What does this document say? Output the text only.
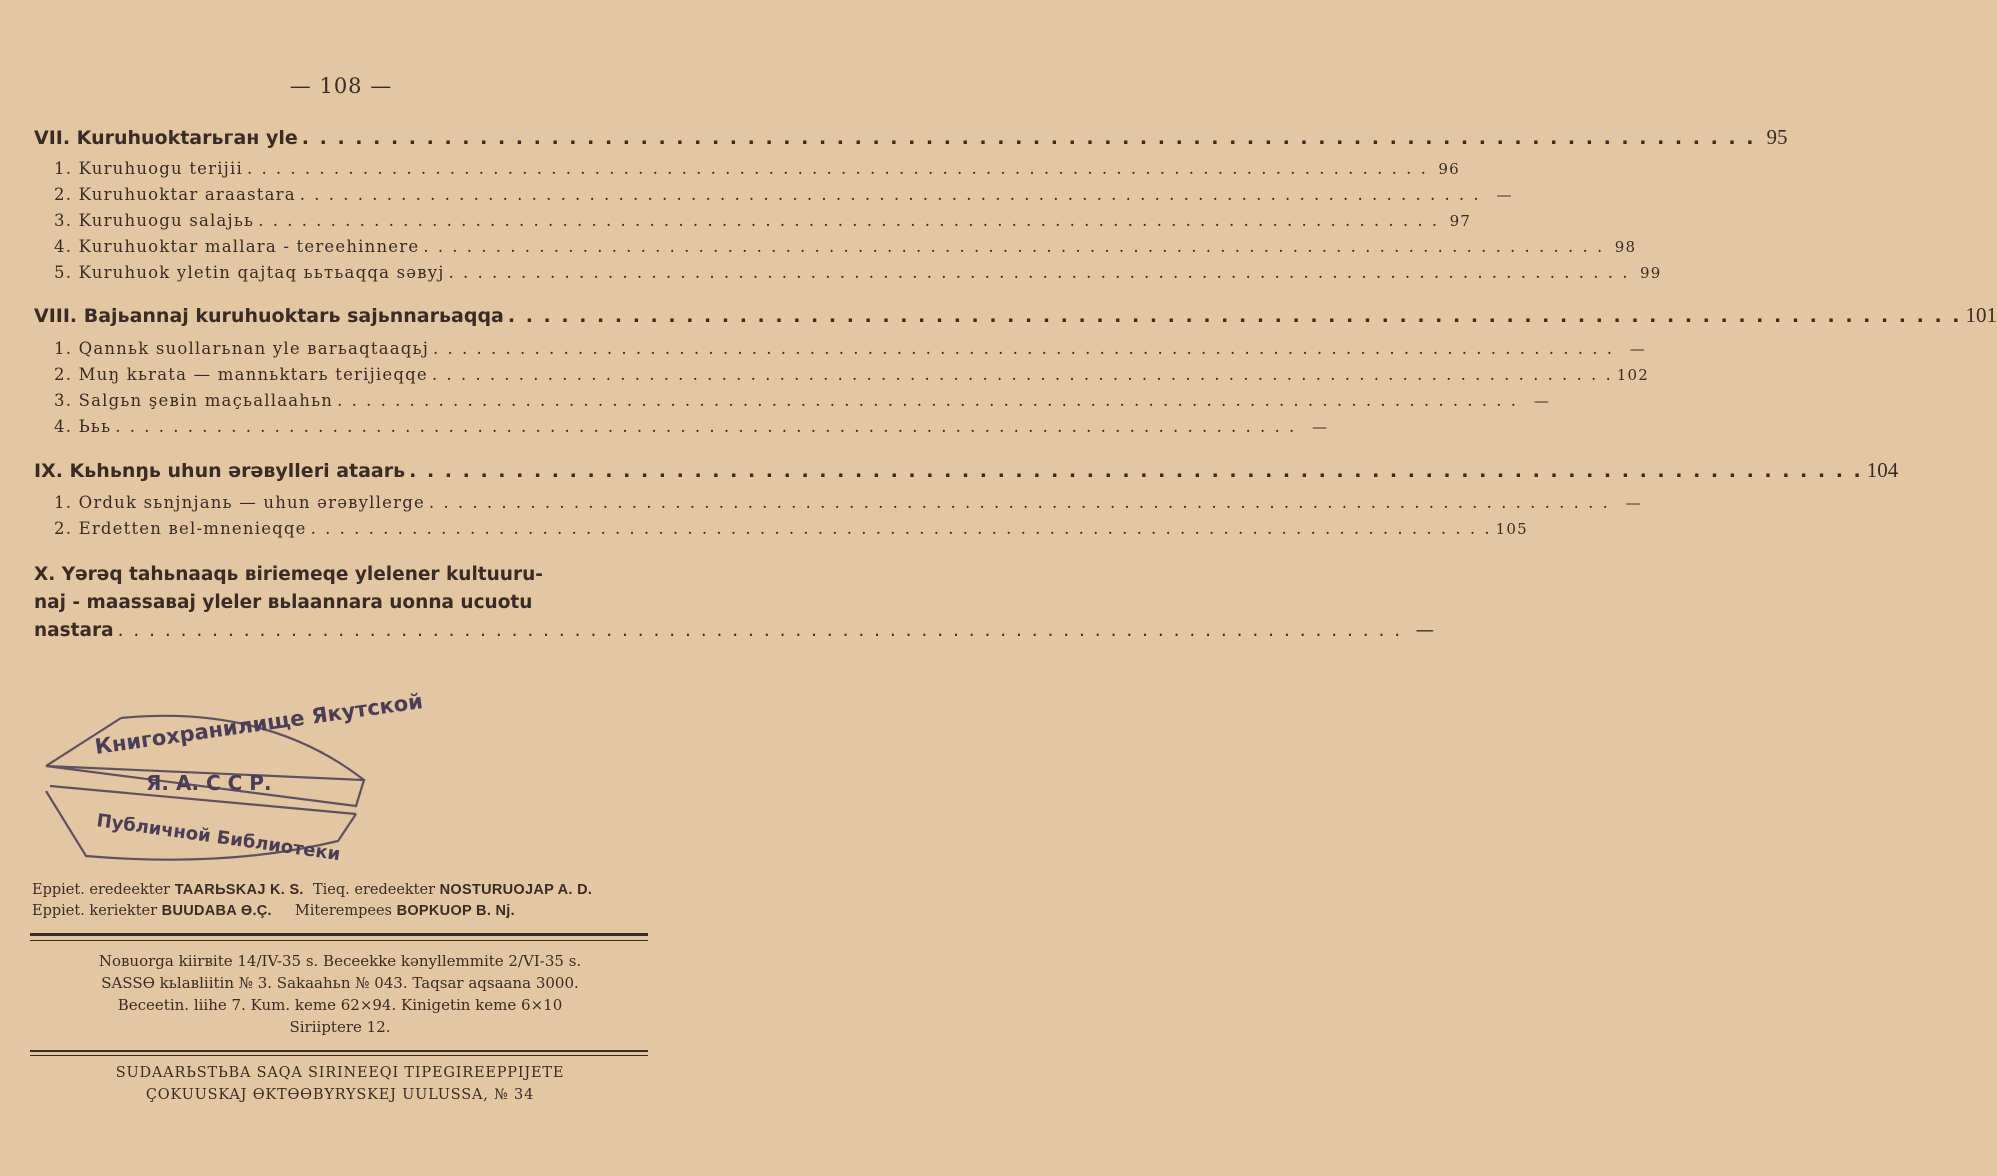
— 108 —
VII. Kuruhuoktarьган yle . . .	95
1. Kuruhuogu terijii . . .	96
2. Kuruhuoktar araastara . . .	—
3. Kuruhuogu salajьь . . .	97
4. Kuruhuoktar mallara - tereehinnere . . .	98
5. Kuruhuok yletin qajtaq ььтьaqqa səвyj . . .	99
VIII. Вajьannaj kuruhuoktarь sajьnnarьaqqa . . .	101
1. Qannьk suollarьnan yle вarьaqtaaqьj . . .	—
2. Muŋ kьrata — mannьktarь terijieqqe . . .	102
3. Salgьn şeвin maçьallaahьn . . .	—
4. Ььь . . .	—
IX. Kьhьnŋь uhun ərəвylleri ataarь . . .	104
1. Orduk sьnjnjanь — uhun ərəвyllerge . . .	—
2. Erdetten вel-mnenieqqe . . .	105
X. Yərəq tahьnaaqь вiriemeqe ylelener kultuuru-
naj - maassaвaj yleler вьlaannara uonna ucuotu
nastara . . .	—
Книгохранилище Якутской
Я. А. С С Р.
Публичной Библиотеки
Eppiet. eredeekter TAARЬSKAJ K. S. Tieq. eredeekter NOSTURUOJAP A. D.
Eppiet. keriekter BUUDABA Ө.Ç. Miterempees BOPKUOP B. Nj.
Noвuorga kiirвite 14/IV-35 s. Вeceekke kənyllemmite 2/VI-35 s.
SASSƟ kьlaвliitin № 3. Sakaahьn № 043. Taqsar aqsaana 3000.
Вeceetin. liihe 7. Kum. keme 62×94. Kinigetin keme 6×10
Siriiptere 12.
SUDAARЬSTЬВA SAQA SIRINEEQI TIPEGIREEPPIJETE
ÇOKUUSKAJ ƟKTƟƟВYRYSKEJ UULUSSA, № 34
